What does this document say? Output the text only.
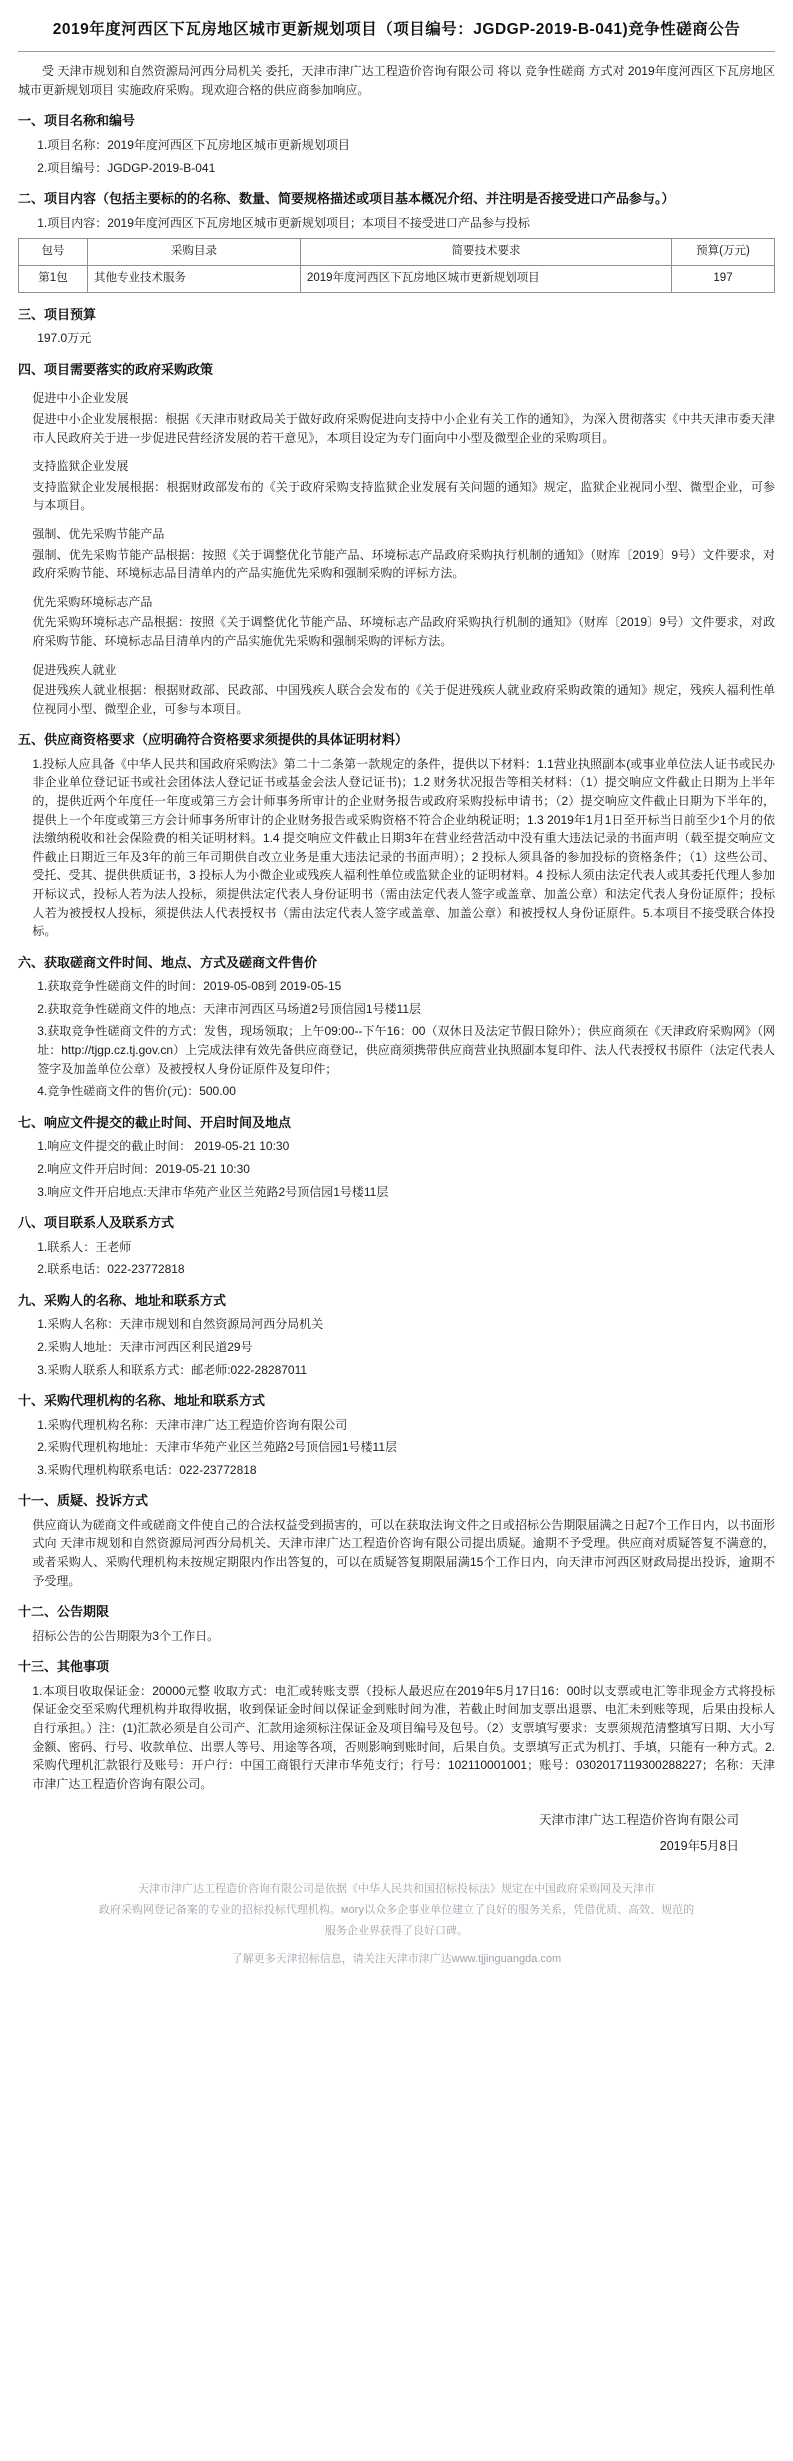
2019年度河西区下瓦房地区城市更新规划项目（项目编号：JGDGP-2019-B-041)竞争性磋商公告
受 天津市规划和自然资源局河西分局机关 委托，天津市津广达工程造价咨询有限公司 将以 竞争性磋商 方式对 2019年度河西区下瓦房地区城市更新规划项目 实施政府采购。现欢迎合格的供应商参加响应。
一、项目名称和编号
1.项目名称：2019年度河西区下瓦房地区城市更新规划项目
2.项目编号：JGDGP-2019-B-041
二、项目内容（包括主要标的的名称、数量、简要规格描述或项目基本概况介绍、并注明是否接受进口产品参与。）
1.项目内容：2019年度河西区下瓦房地区城市更新规划项目；本项目不接受进口产品参与投标
包号	采购目录	简要技术要求	预算(万元)
第1包	其他专业技术服务	2019年度河西区下瓦房地区城市更新规划项目	197
三、项目预算
197.0万元
四、项目需要落实的政府采购政策
促进中小企业发展
促进中小企业发展根据：根据《天津市财政局关于做好政府采购促进向支持中小企业有关工作的通知》，为深入贯彻落实《中共天津市委天津市人民政府关于进一步促进民营经济发展的若干意见》，本项目设定为专门面向中小型及微型企业的采购项目。
支持监狱企业发展
支持监狱企业发展根据：根据财政部发布的《关于政府采购支持监狱企业发展有关问题的通知》规定，监狱企业视同小型、微型企业，可参与本项目。
强制、优先采购节能产品
强制、优先采购节能产品根据：按照《关于调整优化节能产品、环境标志产品政府采购执行机制的通知》（财库〔2019〕9号）文件要求，对政府采购节能、环境标志品目清单内的产品实施优先采购和强制采购的评标方法。
优先采购环境标志产品
优先采购环境标志产品根据：按照《关于调整优化节能产品、环境标志产品政府采购执行机制的通知》（财库〔2019〕9号）文件要求，对政府采购节能、环境标志品目清单内的产品实施优先采购和强制采购的评标方法。
促进残疾人就业
促进残疾人就业根据：根据财政部、民政部、中国残疾人联合会发布的《关于促进残疾人就业政府采购政策的通知》规定，残疾人福利性单位视同小型、微型企业，可参与本项目。
五、供应商资格要求（应明确符合资格要求须提供的具体证明材料）
1.投标人应具备《中华人民共和国政府采购法》第二十二条第一款规定的条件，提供以下材料：1.1营业执照副本(或事业单位法人证书或民办非企业单位登记证书或社会团体法人登记证书或基金会法人登记证书)；1.2 财务状况报告等相关材料：（1）提交响应文件截止日期为上半年的，提供近两个年度任一年度或第三方会计师事务所审计的企业财务报告或政府采购投标申请书；（2）提交响应文件截止日期为下半年的，提供上一个年度或第三方会计师事务所审计的企业财务报告或采购资格不符合企业纳税证明；1.3 2019年1月1日至开标当日前至少1个月的依法缴纳税收和社会保险费的相关证明材料。1.4 提交响应文件截止日期3年在营业经营活动中没有重大违法记录的书面声明（载至提交响应文件截止日期近三年及3年的前三年司期供自改立业务是重大违法记录的书面声明）；2 投标人须具备的参加投标的资格条件；（1）这些公司、受托、受其、提供供质证书，3 投标人为小微企业或残疾人福利性单位或监狱企业的证明材料。4 投标人须由法定代表人或其委托代理人参加开标议式，投标人若为法人投标，须提供法定代表人身份证明书（需由法定代表人签字或盖章、加盖公章）和法定代表人身份证原件；投标人若为被授权人投标，须提供法人代表授权书（需由法定代表人签字或盖章、加盖公章）和被授权人身份证原件。5.本项目不接受联合体投标。
六、获取磋商文件时间、地点、方式及磋商文件售价
1.获取竞争性磋商文件的时间：2019-05-08到 2019-05-15
2.获取竞争性磋商文件的地点：天津市河西区马场道2号顶信园1号楼11层
3.获取竞争性磋商文件的方式：发售，现场领取；上午09:00--下午16：00（双休日及法定节假日除外）；供应商须在《天津政府采购网》（网址：http://tjgp.cz.tj.gov.cn）上完成法律有效先备供应商登记，供应商须携带供应商营业执照副本复印件、法人代表授权书原件（法定代表人签字及加盖单位公章）及被授权人身份证原件及复印件；
4.竞争性磋商文件的售价(元)：500.00
七、响应文件提交的截止时间、开启时间及地点
1.响应文件提交的截止时间： 2019-05-21 10:30
2.响应文件开启时间：2019-05-21 10:30
3.响应文件开启地点:天津市华苑产业区兰苑路2号顶信园1号楼11层
八、项目联系人及联系方式
1.联系人：王老师
2.联系电话：022-23772818
九、采购人的名称、地址和联系方式
1.采购人名称：天津市规划和自然资源局河西分局机关
2.采购人地址：天津市河西区利民道29号
3.采购人联系人和联系方式：邮老师:022-28287011
十、采购代理机构的名称、地址和联系方式
1.采购代理机构名称：天津市津广达工程造价咨询有限公司
2.采购代理机构地址：天津市华苑产业区兰苑路2号顶信园1号楼11层
3.采购代理机构联系电话：022-23772818
十一、质疑、投诉方式
供应商认为磋商文件或磋商文件使自己的合法权益受到损害的，可以在获取法询文件之日或招标公告期限届满之日起7个工作日内，以书面形式向 天津市规划和自然资源局河西分局机关、天津市津广达工程造价咨询有限公司提出质疑。逾期不予受理。供应商对质疑答复不满意的，或者采购人、采购代理机构未按规定期限内作出答复的，可以在质疑答复期限届满15个工作日内，向天津市河西区财政局提出投诉，逾期不予受理。
十二、公告期限
招标公告的公告期限为3个工作日。
十三、其他事项
1.本项目收取保证金：20000元整 收取方式：电汇或转账支票（投标人最迟应在2019年5月17日16：00时以支票或电汇等非现金方式将投标保证金交至采购代理机构并取得收据，收到保证金时间以保证金到账时间为准，若截止时间加支票出退票、电汇未到账等现，后果由投标人自行承担。）注：(1)汇款必须是自公司产、汇款用途须标注保证金及项目编号及包号。（2）支票填写要求：支票须规范清整填写日期、大小写金额、密码、行号、收款单位、出票人等号、用途等各项，否则影响到账时间，后果自负。支票填写正式为机打、手填，只能有一种方式。2.采购代理机汇款银行及账号：开户行：中国工商银行天津市华苑支行；行号：102110001001；账号：0302017119300288227；名称：天津市津广达工程造价咨询有限公司。
天津市津广达工程造价咨询有限公司
2019年5月8日
天津市津广达工程造价咨询有限公司是依据《中华人民共和国招标投标法》规定在中国政府采购网及天津市
政府采购网登记备案的专业的招标投标代理机构。могу以众多企事业单位建立了良好的服务关系，凭借优质、高效、规范的
服务企业界获得了良好口碑。
了解更多天津招标信息，请关注天津市津广达www.tjjinguangda.com
